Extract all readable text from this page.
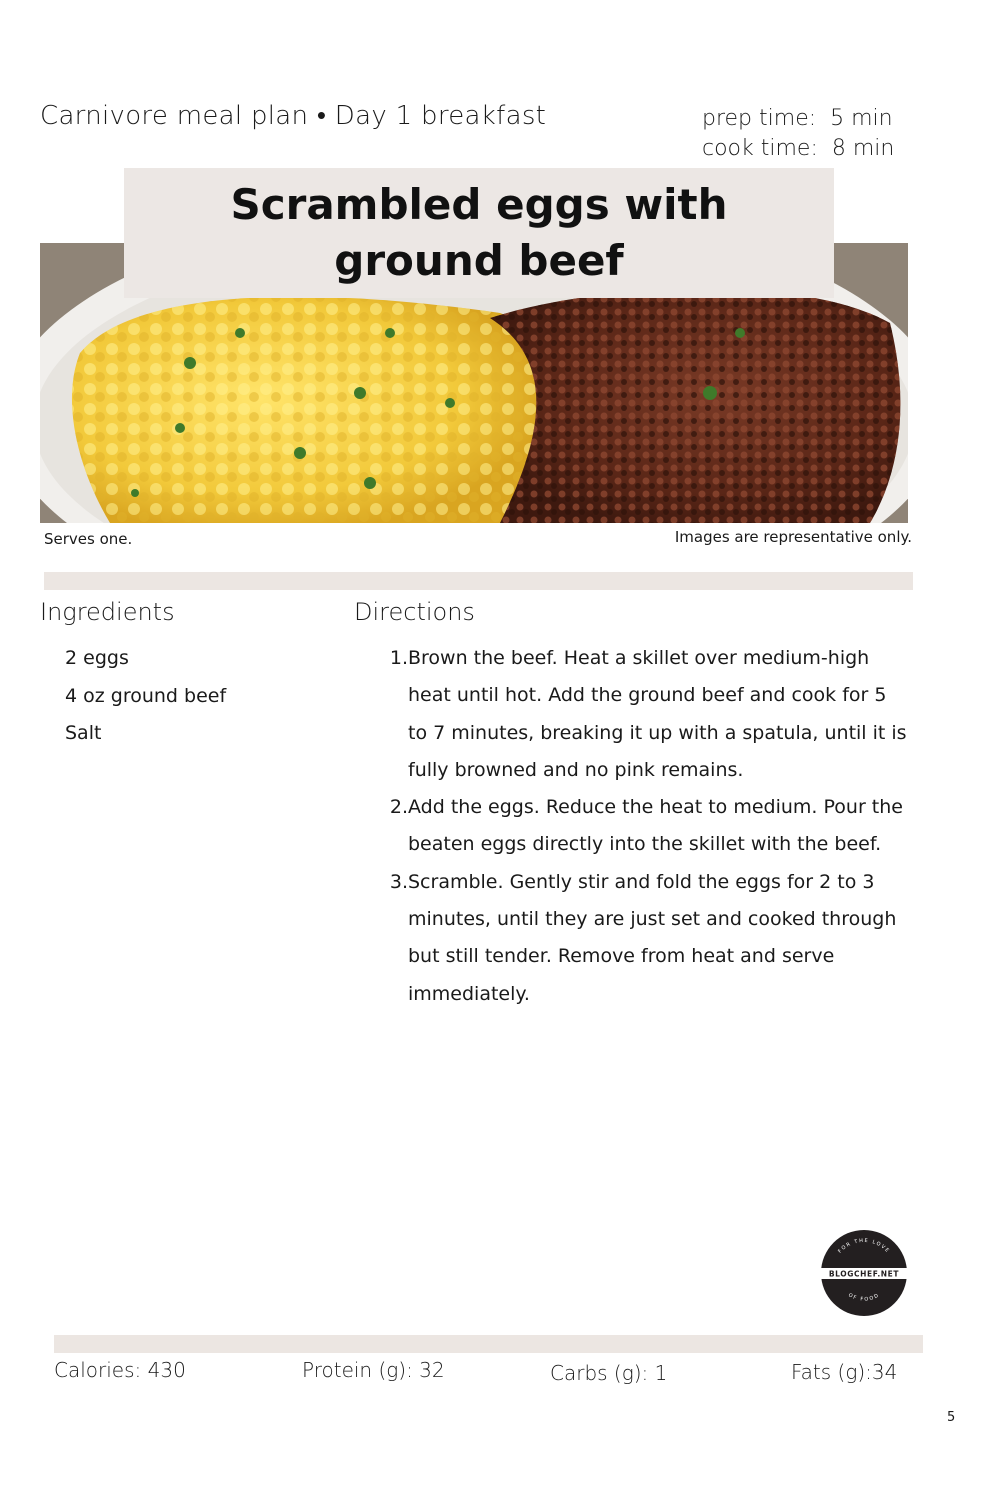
Carnivore meal plan • Day 1 breakfast	prep time: 5 min
cook time: 8 min
Scrambled eggs with ground beef
Serves one.	Images are representative only.
Ingredients	Directions
2 eggs
4 oz ground beef
Salt
1. Brown the beef. Heat a skillet over medium-high heat until hot. Add the ground beef and cook for 5 to 7 minutes, breaking it up with a spatula, until it is fully browned and no pink remains.
2. Add the eggs. Reduce the heat to medium. Pour the beaten eggs directly into the skillet with the beef.
3. Scramble. Gently stir and fold the eggs for 2 to 3 minutes, until they are just set and cooked through but still tender. Remove from heat and serve immediately.
FOR THE LOVE
BLOGCHEF.NET
OF FOOD
Calories: 430	Protein (g): 32	Carbs (g): 1	Fats (g):34
5
